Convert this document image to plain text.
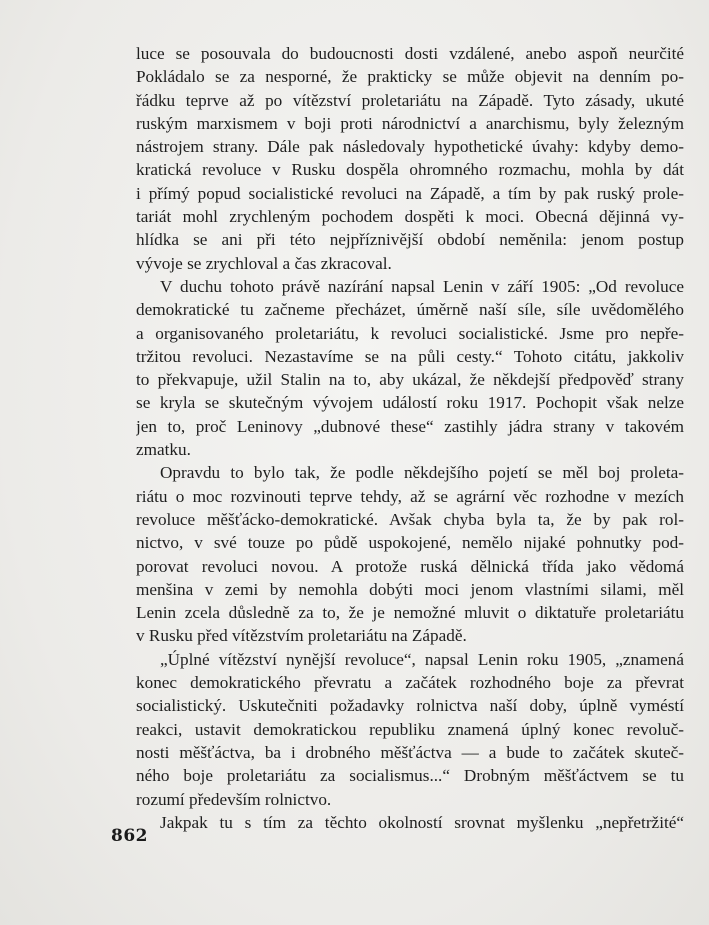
luce se posouvala do budoucnosti dosti vzdálené, anebo aspoň neurčité
Pokládalo se za nesporné, že prakticky se může objevit na denním po-
řádku teprve až po vítězství proletariátu na Západě. Tyto zásady, ukuté
ruským marxismem v boji proti národnictví a anarchismu, byly železným
nástrojem strany. Dále pak následovaly hypothetické úvahy: kdyby demo-
kratická revoluce v Rusku dospěla ohromného rozmachu, mohla by dát
i přímý popud socialistické revoluci na Západě, a tím by pak ruský prole-
tariát mohl zrychleným pochodem dospěti k moci. Obecná dějinná vy-
hlídka se ani při této nejpříznivější období neměnila: jenom postup
vývoje se zrychloval a čas zkracoval.
V duchu tohoto právě nazírání napsal Lenin v září 1905: „Od revoluce
demokratické tu začneme přecházet, úměrně naší síle, síle uvědomělého
a organisovaného proletariátu, k revoluci socialistické. Jsme pro nepře-
tržitou revoluci. Nezastavíme se na půli cesty.“ Tohoto citátu, jakkoliv
to překvapuje, užil Stalin na to, aby ukázal, že někdejší předpověď strany
se kryla se skutečným vývojem událostí roku 1917. Pochopit však nelze
jen to, proč Leninovy „dubnové these“ zastihly jádra strany v takovém
zmatku.
Opravdu to bylo tak, že podle někdejšího pojetí se měl boj proleta-
riátu o moc rozvinouti teprve tehdy, až se agrární věc rozhodne v mezích
revoluce měšťácko-demokratické. Avšak chyba byla ta, že by pak rol-
nictvo, v své touze po půdě uspokojené, nemělo nijaké pohnutky pod-
porovat revoluci novou. A protože ruská dělnická třída jako vědomá
menšina v zemi by nemohla dobýti moci jenom vlastními silami, měl
Lenin zcela důsledně za to, že je nemožné mluvit o diktatuře proletariátu
v Rusku před vítězstvím proletariátu na Západě.
„Úplné vítězství nynější revoluce“, napsal Lenin roku 1905, „znamená
konec demokratického převratu a začátek rozhodného boje za převrat
socialistický. Uskutečniti požadavky rolnictva naší doby, úplně vyméstí
reakci, ustavit demokratickou republiku znamená úplný konec revoluč-
nosti měšťáctva, ba i drobného měšťáctva — a bude to začátek skuteč-
ného boje proletariátu za socialismus...“ Drobným měšťáctvem se tu
rozumí především rolnictvo.
Jakpak tu s tím za těchto okolností srovnat myšlenku „nepřetržité“
862
